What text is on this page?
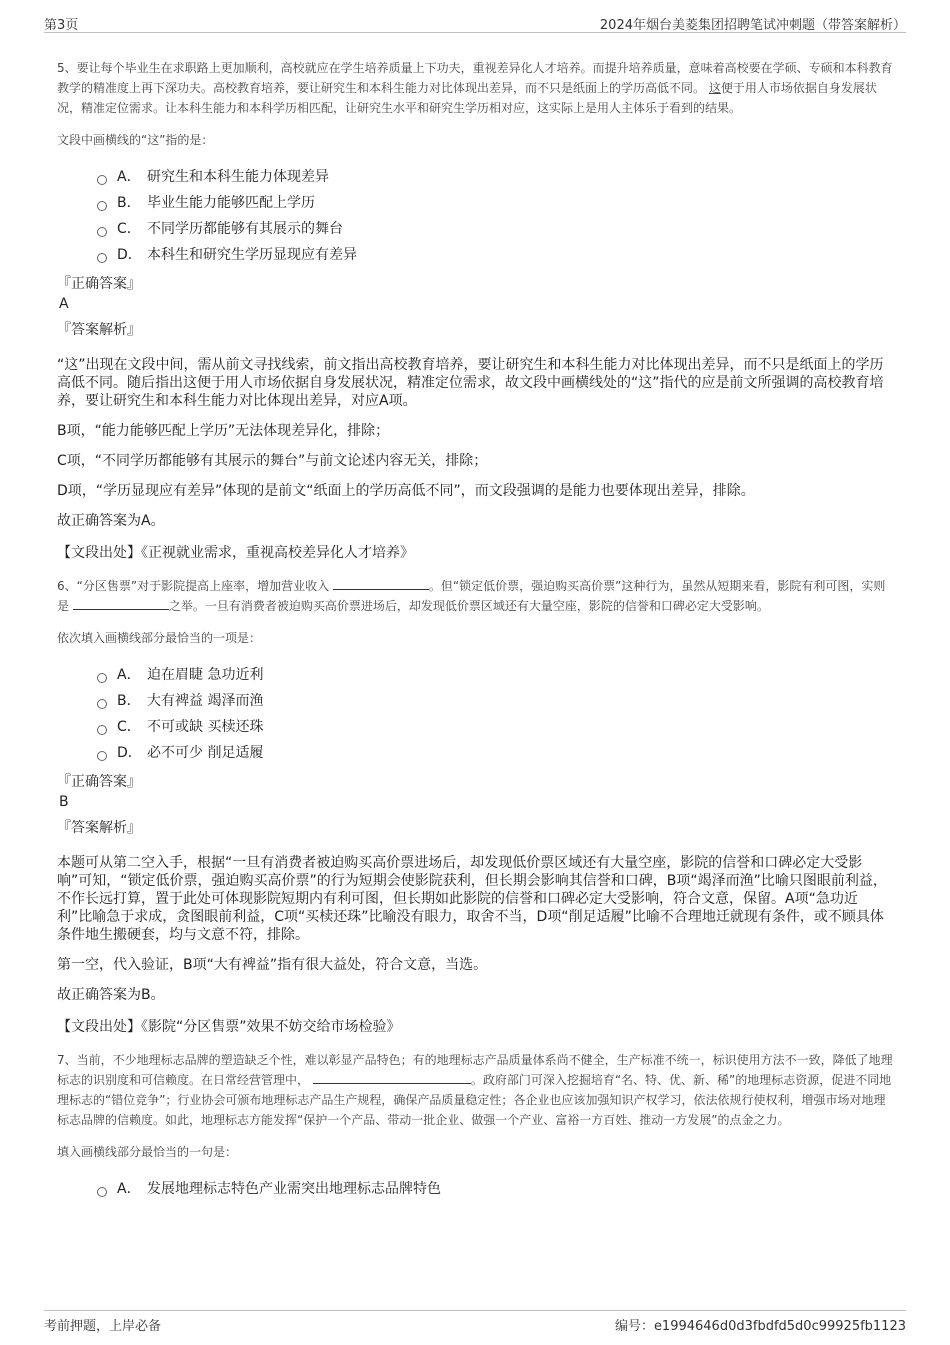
第3页	2024年烟台美菱集团招聘笔试冲刺题（带答案解析）

5、要让每个毕业生在求职路上更加顺利，高校就应在学生培养质量上下功夫，重视差异化人才培养。而提升培养质量，意味着高校要在学硕、专硕和本科教育教学的精准度上再下深功夫。高校教育培养，要让研究生和本科生能力对比体现出差异，而不只是纸面上的学历高低不同。 这便于用人市场依据自身发展状况，精准定位需求。让本科生能力和本科学历相匹配，让研究生水平和研究生学历相对应，这实际上是用人主体乐于看到的结果。

文段中画横线的“这”指的是：

A． 研究生和本科生能力体现差异
B． 毕业生能力能够匹配上学历
C． 不同学历都能够有其展示的舞台
D． 本科生和研究生学历显现应有差异

『正确答案』

A

『答案解析』

“这”出现在文段中间，需从前文寻找线索，前文指出高校教育培养，要让研究生和本科生能力对比体现出差异，而不只是纸面上的学历高低不同。随后指出这便于用人市场依据自身发展状况，精准定位需求，故文段中画横线处的“这”指代的应是前文所强调的高校教育培养，要让研究生和本科生能力对比体现出差异，对应A项。

B项，“能力能够匹配上学历”无法体现差异化，排除；

C项，“不同学历都能够有其展示的舞台”与前文论述内容无关，排除；

D项，“学历显现应有差异”体现的是前文“纸面上的学历高低不同”，而文段强调的是能力也要体现出差异，排除。

故正确答案为A。

【文段出处】《正视就业需求，重视高校差异化人才培养》

6、“分区售票”对于影院提高上座率，增加营业收入	。但“锁定低价票，强迫购买高价票”这种行为，虽然从短期来看，影院有利可图，实则是	之举。一旦有消费者被迫购买高价票进场后，却发现低价票区域还有大量空座，影院的信誉和口碑必定大受影响。

依次填入画横线部分最恰当的一项是：

A． 迫在眉睫 急功近利
B． 大有裨益 竭泽而渔
C． 不可或缺 买椟还珠
D． 必不可少 削足适履

『正确答案』

B

『答案解析』

本题可从第二空入手，根据“一旦有消费者被迫购买高价票进场后，却发现低价票区域还有大量空座，影院的信誉和口碑必定大受影响”可知，“锁定低价票，强迫购买高价票”的行为短期会使影院获利，但长期会影响其信誉和口碑，B项“竭泽而渔”比喻只图眼前利益，不作长远打算，置于此处可体现影院短期内有利可图，但长期如此影院的信誉和口碑必定大受影响，符合文意，保留。A项“急功近利”比喻急于求成，贪图眼前利益，C项“买椟还珠”比喻没有眼力，取舍不当，D项“削足适履”比喻不合理地迁就现有条件，或不顾具体条件地生搬硬套，均与文意不符，排除。

第一空，代入验证，B项“大有裨益”指有很大益处，符合文意，当选。

故正确答案为B。

【文段出处】《影院“分区售票”效果不妨交给市场检验》

7、当前，不少地理标志品牌的塑造缺乏个性，难以彰显产品特色；有的地理标志产品质量体系尚不健全，生产标准不统一，标识使用方法不一致，降低了地理标志的识别度和可信赖度。在日常经营管理中，	。政府部门可深入挖掘培育“名、特、优、新、稀”的地理标志资源，促进不同地理标志的“错位竞争”；行业协会可颁布地理标志产品生产规程，确保产品质量稳定性；各企业也应该加强知识产权学习，依法依规行使权利，增强市场对地理标志品牌的信赖度。如此，地理标志方能发挥“保护一个产品、带动一批企业、做强一个产业、富裕一方百姓、推动一方发展”的点金之力。

填入画横线部分最恰当的一句是：

A． 发展地理标志特色产业需突出地理标志品牌特色
考前押题，上岸必备	编号：e1994646d0d3fbdfd5d0c99925fb1123
